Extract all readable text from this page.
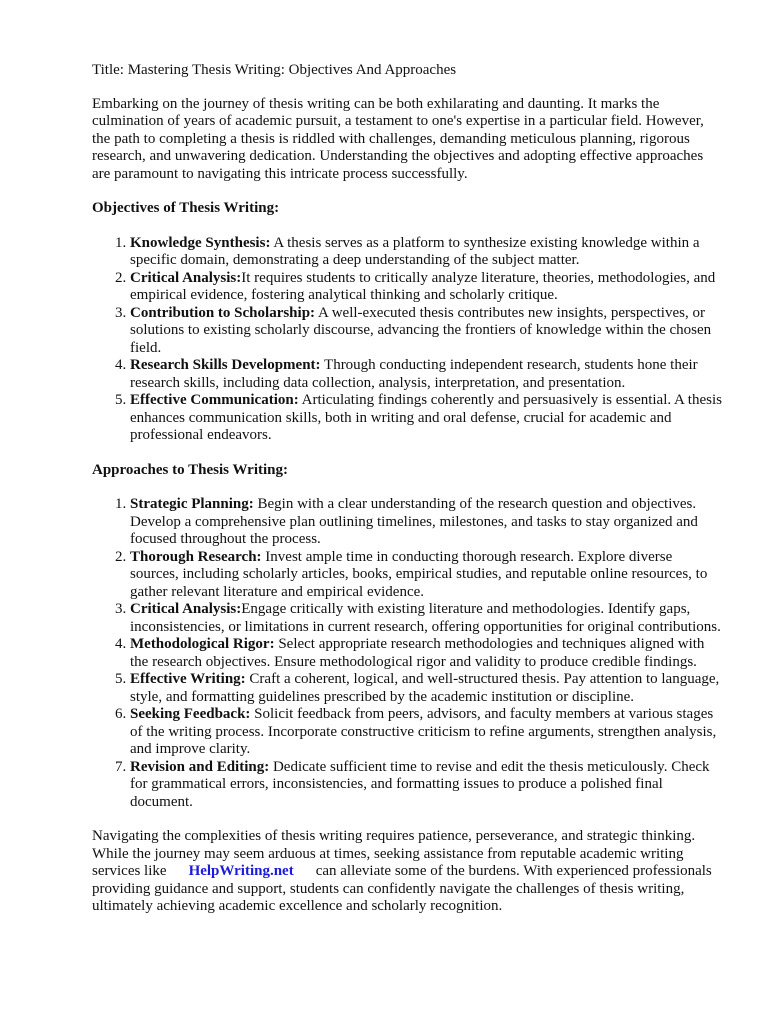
Title: Mastering Thesis Writing: Objectives And Approaches

Embarking on the journey of thesis writing can be both exhilarating and daunting. It marks the culmination of years of academic pursuit, a testament to one's expertise in a particular field. However, the path to completing a thesis is riddled with challenges, demanding meticulous planning, rigorous research, and unwavering dedication. Understanding the objectives and adopting effective approaches are paramount to navigating this intricate process successfully.

Objectives of Thesis Writing:

1. Knowledge Synthesis: A thesis serves as a platform to synthesize existing knowledge within a specific domain, demonstrating a deep understanding of the subject matter.
2. Critical Analysis:It requires students to critically analyze literature, theories, methodologies, and empirical evidence, fostering analytical thinking and scholarly critique.
3. Contribution to Scholarship: A well-executed thesis contributes new insights, perspectives, or solutions to existing scholarly discourse, advancing the frontiers of knowledge within the chosen field.
4. Research Skills Development: Through conducting independent research, students hone their research skills, including data collection, analysis, interpretation, and presentation.
5. Effective Communication: Articulating findings coherently and persuasively is essential. A thesis enhances communication skills, both in writing and oral defense, crucial for academic and professional endeavors.

Approaches to Thesis Writing:

1. Strategic Planning: Begin with a clear understanding of the research question and objectives. Develop a comprehensive plan outlining timelines, milestones, and tasks to stay organized and focused throughout the process.
2. Thorough Research: Invest ample time in conducting thorough research. Explore diverse sources, including scholarly articles, books, empirical studies, and reputable online resources, to gather relevant literature and empirical evidence.
3. Critical Analysis:Engage critically with existing literature and methodologies. Identify gaps, inconsistencies, or limitations in current research, offering opportunities for original contributions.
4. Methodological Rigor: Select appropriate research methodologies and techniques aligned with the research objectives. Ensure methodological rigor and validity to produce credible findings.
5. Effective Writing: Craft a coherent, logical, and well-structured thesis. Pay attention to language, style, and formatting guidelines prescribed by the academic institution or discipline.
6. Seeking Feedback: Solicit feedback from peers, advisors, and faculty members at various stages of the writing process. Incorporate constructive criticism to refine arguments, strengthen analysis, and improve clarity.
7. Revision and Editing: Dedicate sufficient time to revise and edit the thesis meticulously. Check for grammatical errors, inconsistencies, and formatting issues to produce a polished final document.

Navigating the complexities of thesis writing requires patience, perseverance, and strategic thinking. While the journey may seem arduous at times, seeking assistance from reputable academic writing services like HelpWriting.net can alleviate some of the burdens. With experienced professionals providing guidance and support, students can confidently navigate the challenges of thesis writing, ultimately achieving academic excellence and scholarly recognition.
